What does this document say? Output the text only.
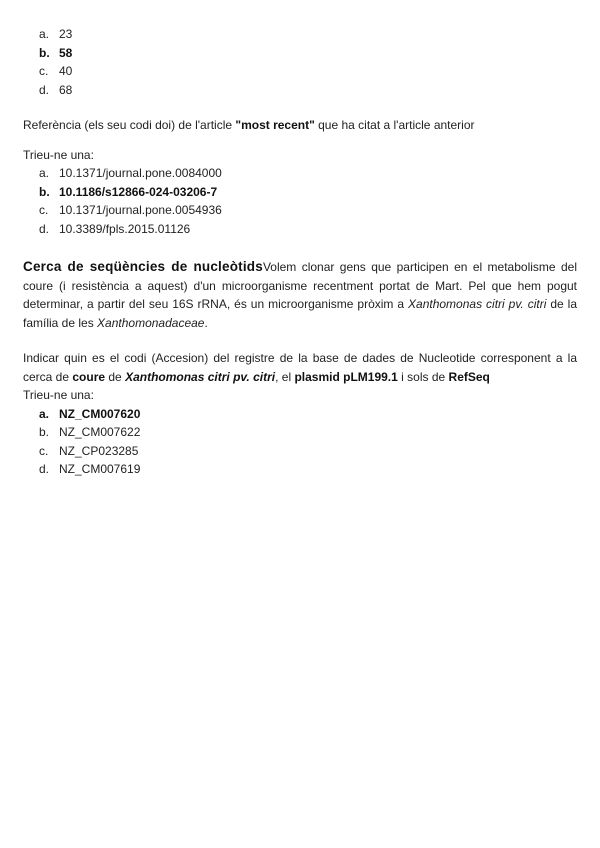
a. 23
b. 58
c. 40
d. 68
Referència (els seu codi doi) de l'article "most recent" que ha citat a l'article anterior
Trieu-ne una:
a. 10.1371/journal.pone.0084000
b. 10.1186/s12866-024-03206-7
c. 10.1371/journal.pone.0054936
d. 10.3389/fpls.2015.01126
Cerca de seqüències de nucleòtidsVolem clonar gens que participen en el metabolisme del coure (i resistència a aquest) d'un microorganisme recentment portat de Mart. Pel que hem pogut determinar, a partir del seu 16S rRNA, és un microorganisme pròxim a Xanthomonas citri pv. citri de la família de les Xanthomonadaceae.
Indicar quin es el codi (Accesion) del registre de la base de dades de Nucleotide corresponent a la cerca de coure de Xanthomonas citri pv. citri, el plasmid pLM199.1 i sols de RefSeq
Trieu-ne una:
a. NZ_CM007620
b. NZ_CM007622
c. NZ_CP023285
d. NZ_CM007619
